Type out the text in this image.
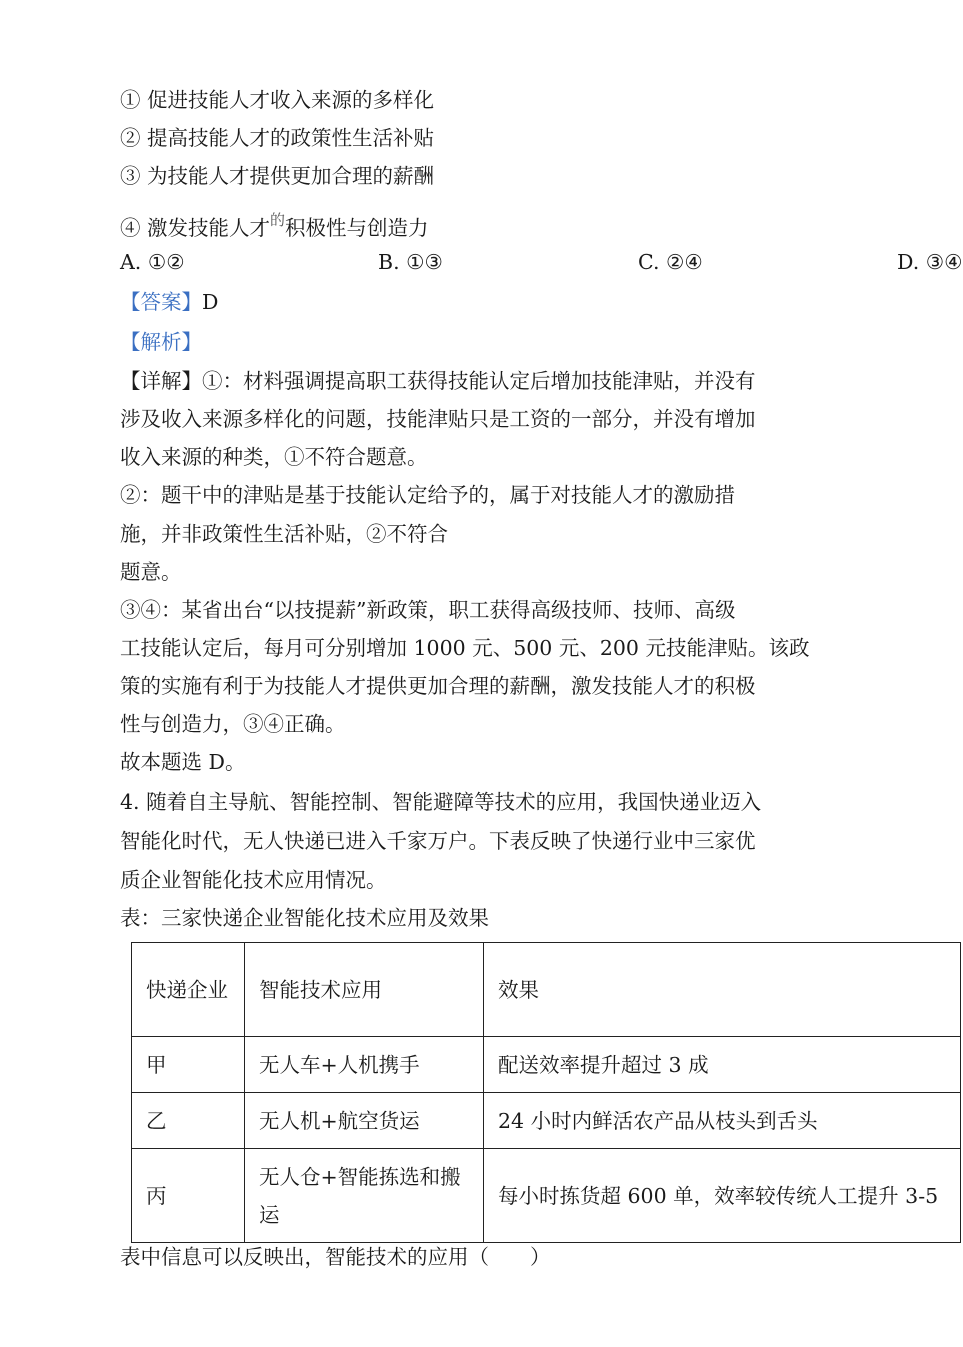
① 促进技能人才收入来源的多样化
② 提高技能人才的政策性生活补贴
③ 为技能人才提供更加合理的薪酬
④ 激发技能人才$^的$积极性与创造力
A. ①②	B. ①③	C. ②④	D. ③④
【答案】D
【解析】
【详解】①：材料强调提高职工获得技能认定后增加技能津贴，并没有
涉及收入来源多样化的问题，技能津贴只是工资的一部分，并没有增加
收入来源的种类，①不符合题意。
②：题干中的津贴是基于技能认定给予的，属于对技能人才的激励措
施，并非政策性生活补贴，②不符合
题意。
③④：某省出台“以技提薪”新政策，职工获得高级技师、技师、高级
工技能认定后，每月可分别增加 1000 元、500 元、200 元技能津贴。该政
策的实施有利于为技能人才提供更加合理的薪酬，激发技能人才的积极
性与创造力，③④正确。
故本题选 D。
4. 随着自主导航、智能控制、智能避障等技术的应用，我国快递业迈入
智能化时代，无人快递已进入千家万户。下表反映了快递行业中三家优
质企业智能化技术应用情况。
表：三家快递企业智能化技术应用及效果
快递企业	智能技术应用	效果
甲	无人车+人机携手	配送效率提升超过 3 成
乙	无人机+航空货运	24 小时内鲜活农产品从枝头到舌头
丙	无人仓+智能拣选和搬运	每小时拣货超 600 单，效率较传统人工提升 3-5
表中信息可以反映出，智能技术的应用（　　）
